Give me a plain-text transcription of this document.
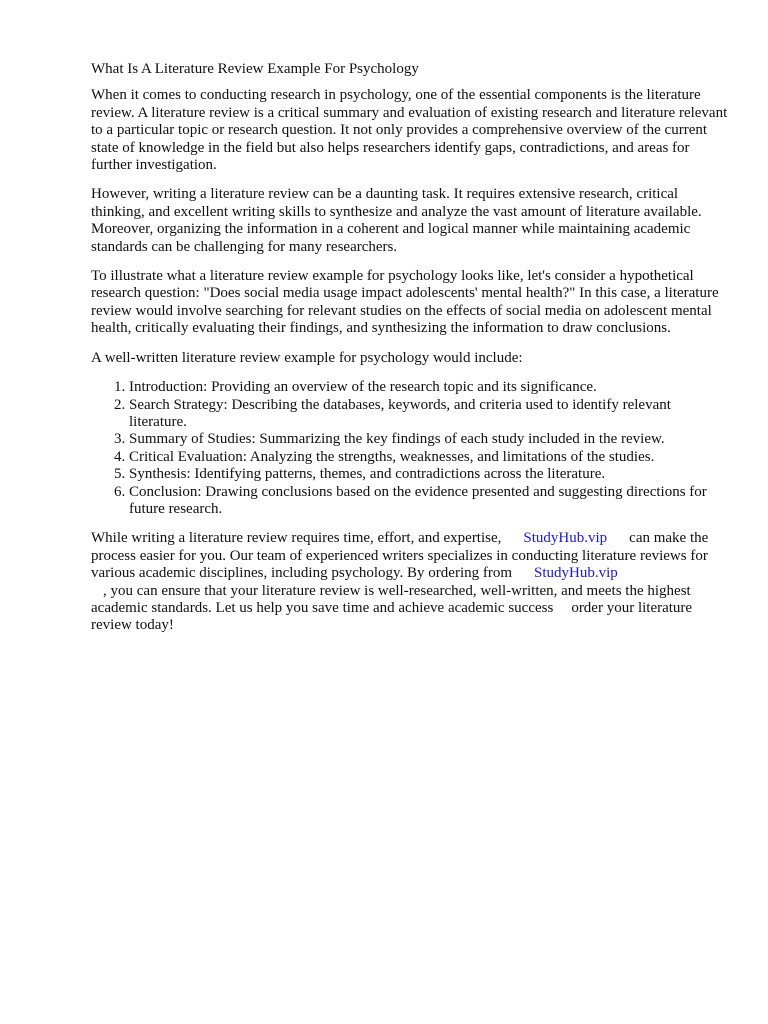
What Is A Literature Review Example For Psychology

When it comes to conducting research in psychology, one of the essential components is the literature review. A literature review is a critical summary and evaluation of existing research and literature relevant to a particular topic or research question. It not only provides a comprehensive overview of the current state of knowledge in the field but also helps researchers identify gaps, contradictions, and areas for further investigation.

However, writing a literature review can be a daunting task. It requires extensive research, critical thinking, and excellent writing skills to synthesize and analyze the vast amount of literature available. Moreover, organizing the information in a coherent and logical manner while maintaining academic standards can be challenging for many researchers.

To illustrate what a literature review example for psychology looks like, let's consider a hypothetical research question: "Does social media usage impact adolescents' mental health?" In this case, a literature review would involve searching for relevant studies on the effects of social media on adolescent mental health, critically evaluating their findings, and synthesizing the information to draw conclusions.

A well-written literature review example for psychology would include:

1. Introduction: Providing an overview of the research topic and its significance.
2. Search Strategy: Describing the databases, keywords, and criteria used to identify relevant literature.
3. Summary of Studies: Summarizing the key findings of each study included in the review.
4. Critical Evaluation: Analyzing the strengths, weaknesses, and limitations of the studies.
5. Synthesis: Identifying patterns, themes, and contradictions across the literature.
6. Conclusion: Drawing conclusions based on the evidence presented and suggesting directions for future research.

While writing a literature review requires time, effort, and expertise, StudyHub.vip can make the process easier for you. Our team of experienced writers specializes in conducting literature reviews for various academic disciplines, including psychology. By ordering from StudyHub.vip
, you can ensure that your literature review is well-researched, well-written, and meets the highest academic standards. Let us help you save time and achieve academic success order your literature review today!
